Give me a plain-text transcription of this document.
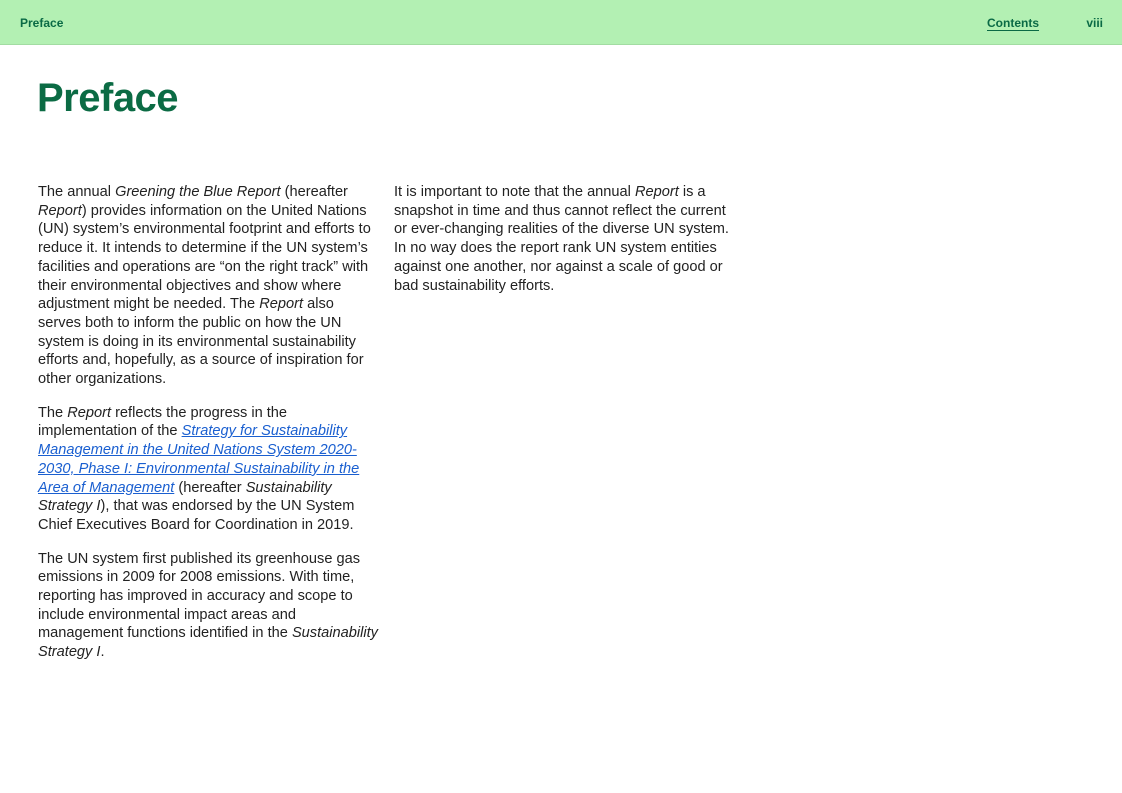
Preface	Contents	viii
Preface

The annual Greening the Blue Report (hereafter Report) provides information on the United Nations (UN) system’s environmental footprint and efforts to reduce it. It intends to determine if the UN system’s facilities and operations are “on the right track” with their environmental objectives and show where adjustment might be needed. The Report also serves both to inform the public on how the UN system is doing in its environmental sustainability efforts and, hopefully, as a source of inspiration for other organizations.

The Report reflects the progress in the implementation of the Strategy for Sustainability Management in the United Nations System 2020-2030, Phase I: Environmental Sustainability in the Area of Management (hereafter Sustainability Strategy I), that was endorsed by the UN System Chief Executives Board for Coordination in 2019.

The UN system first published its greenhouse gas emissions in 2009 for 2008 emissions. With time, reporting has improved in accuracy and scope to include environmental impact areas and management functions identified in the Sustainability Strategy I.

It is important to note that the annual Report is a snapshot in time and thus cannot reflect the current or ever-changing realities of the diverse UN system. In no way does the report rank UN system entities against one another, nor against a scale of good or bad sustainability efforts.
